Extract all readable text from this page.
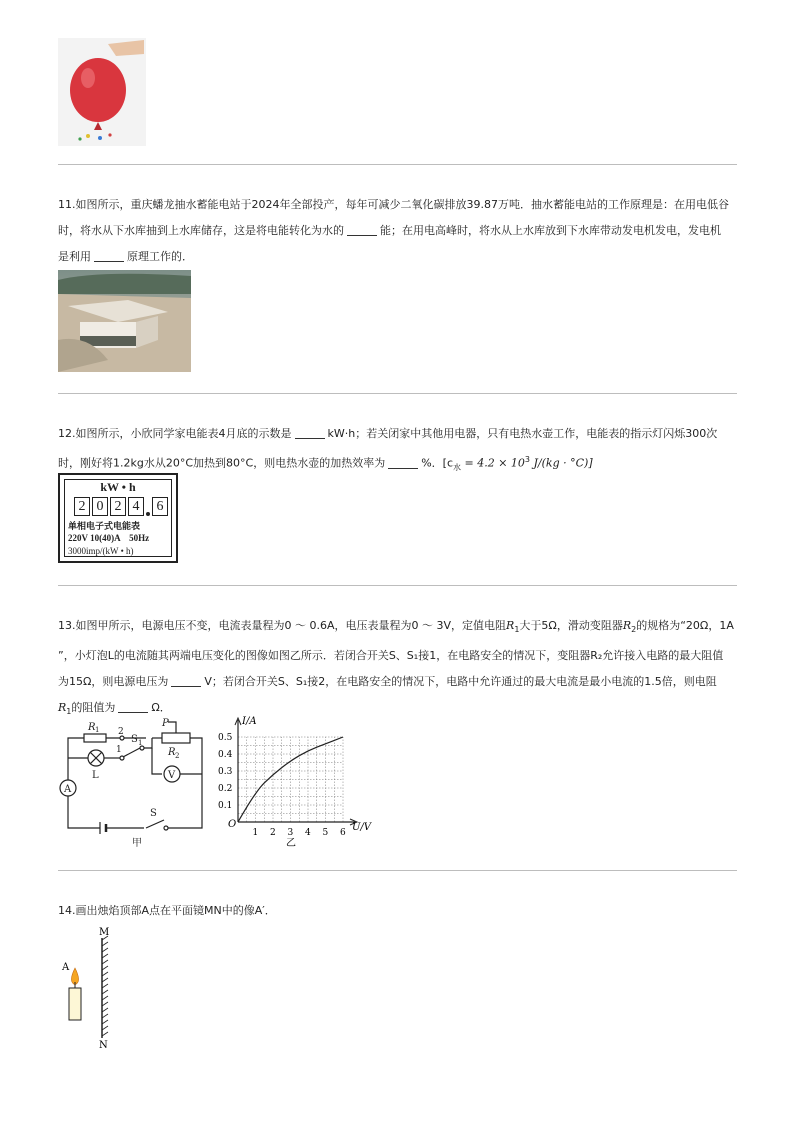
11.如图所示，重庆蟠龙抽水蓄能电站于2024年全部投产，每年可减少二氧化碳排放39.87万吨．抽水蓄能电站的工作原理是：在用电低谷
时，将水从下水库抽到上水库储存，这是将电能转化为水的	能；在用电高峰时，将水从上水库放到下水库带动发电机发电，发电机
是利用	原理工作的．
12.如图所示，小欣同学家电能表4月底的示数是	kW·h；若关闭家中其他用电器，只有电热水壶工作，电能表的指示灯闪烁300次
时，刚好将1.2kg水从20°C加热到80°C，则电热水壶的加热效率为	%．[$c_水 = 4.2 \times 10^3$ J/(kg · °C)]
kW • h
2 0 2 4	6
单相电子式电能表
220V 10(40)A    50Hz
3000imp/(kW • h)
13.如图甲所示，电源电压不变，电流表量程为0 ～ 0.6A，电压表量程为0 ～ 3V，定值电阻$R_1$大于5Ω，滑动变阻器$R_2$的规格为“20Ω，1A
”，小灯泡L的电流随其两端电压变化的图像如图乙所示．若闭合开关S、S₁接1，在电路安全的情况下，变阻器R₂允许接入电路的最大阻值
为15Ω，则电源电压为	V；若闭合开关S、S₁接2，在电路安全的情况下，电路中允许通过的最大电流是最小电流的1.5倍，则电阻
$R_1$的阻值为	Ω．
R 1 2
1
S 1
P
R 2
L
A
V
S
甲
1 2 3 4 5 6
0.1
0.2
0.3
0.4
0.5
I/A
U/V
O
乙
14.画出烛焰顶部A点在平面镜MN中的像A′．
M
N
A
